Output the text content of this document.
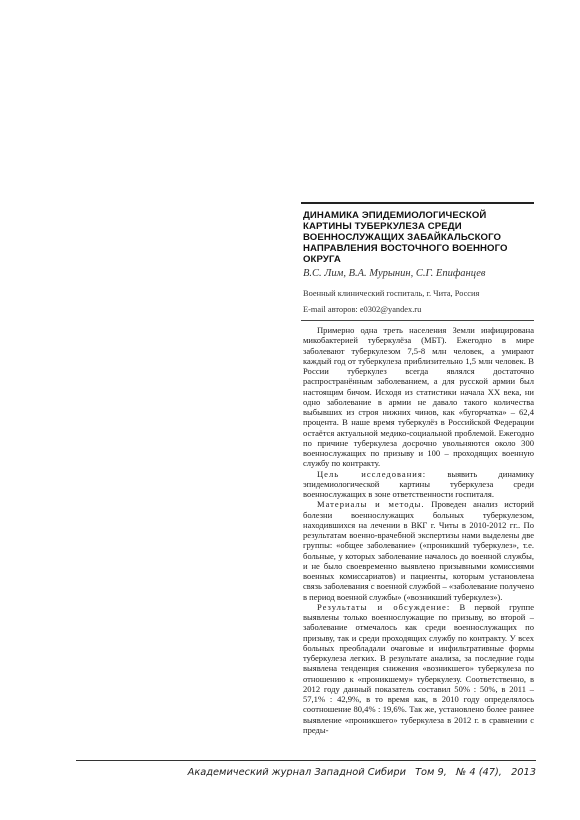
ДИНАМИКА ЭПИДЕМИОЛОГИЧЕСКОЙ КАРТИНЫ ТУБЕРКУЛЕЗА СРЕДИ ВОЕННОСЛУЖАЩИХ ЗАБАЙКАЛЬСКОГО НАПРАВЛЕНИЯ ВОСТОЧНОГО ВОЕННОГО ОКРУГА
В.С. Лим, В.А. Мурынин, С.Г. Епифанцев
Военный клинический госпиталь, г. Чита, Россия
E-mail авторов: e0302@yandex.ru

Примерно одна треть населения Земли инфицирована микобактерией туберкулёза (МБТ). Ежегодно в мире заболевают туберкулезом 7,5-8 млн человек, а умирают каждый год от туберкулеза приблизительно 1,5 млн человек. В России туберкулез всегда являлся достаточно распространённым заболеванием, а для русской армии был настоящим бичом. Исходя из статистики начала XX века, ни одно заболевание в армии не давало такого количества выбывших из строя нижних чинов, как «бугорчатка» – 62,4 процента. В наше время туберкулёз в Российской Федерации остаётся актуальной медико-социальной проблемой. Ежегодно по причине туберкулеза досрочно увольняются около 300 военнослужащих по призыву и 100 – проходящих военную службу по контракту.

Цель исследования: выявить динамику эпидемиологической картины туберкулеза среди военнослужащих в зоне ответственности госпиталя.

Материалы и методы. Проведен анализ историй болезни военнослужащих больных туберкулезом, находившихся на лечении в ВКГ г. Читы в 2010-2012 гг.. По результатам военно-врачебной экспертизы нами выделены две группы: «общее заболевание» («проникший туберкулез», т.е. больные, у которых заболевание началось до военной службы, и не было своевременно выявлено призывными комиссиями военных комиссариатов) и пациенты, которым установлена связь заболевания с военной службой – «заболевание получено в период военной службы» («возникший туберкулез»).

Результаты и обсуждение: В первой группе выявлены только военнослужащие по призыву, во второй – заболевание отмечалось как среди военнослужащих по призыву, так и среди проходящих службу по контракту. У всех больных преобладали очаговые и инфильтративные формы туберкулеза легких. В результате анализа, за последние годы выявлена тенденция снижения «возникшего» туберкулеза по отношению к «проникшему» туберкулезу. Соответственно, в 2012 году данный показатель составил 50% : 50%, в 2011 – 57,1% : 42,9%, в то время как, в 2010 году определялось соотношение 80,4% : 19,6%. Так же, установлено более раннее выявление «проникшего» туберкулеза в 2012 г. в сравнении с преды-

Академический журнал Западной Сибири Том 9, № 4 (47), 2013
